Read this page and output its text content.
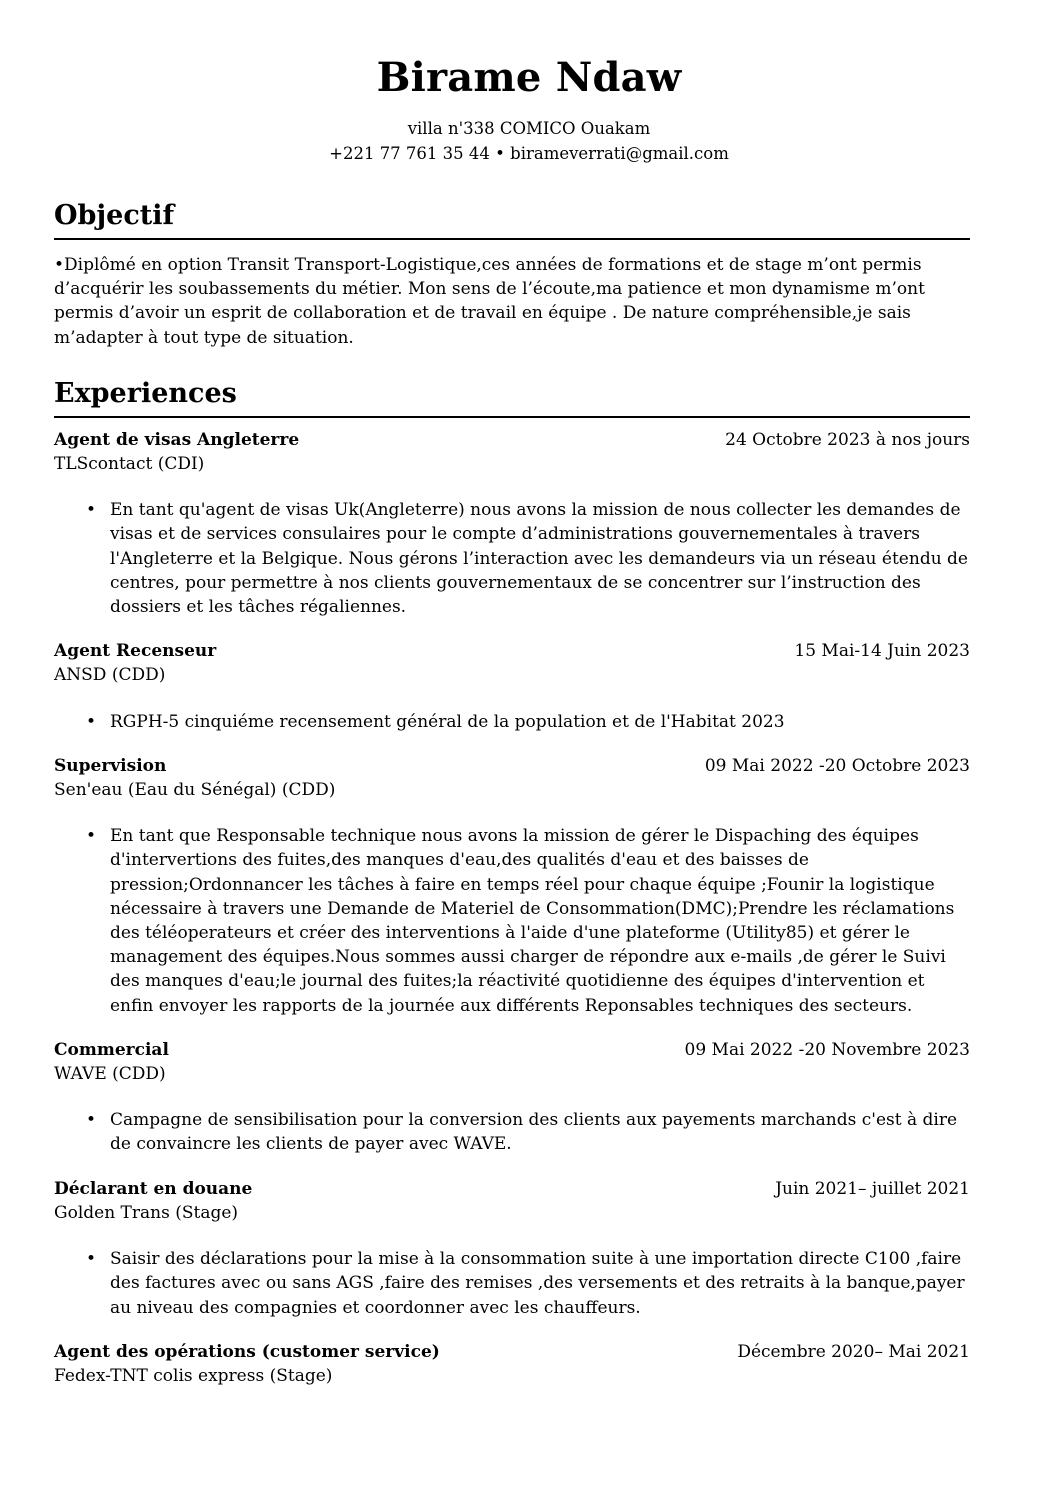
Birame Ndaw

villa n'338 COMICO Ouakam

+221 77 761 35 44 • birameverrati@gmail.com

Objectif

•Diplômé en option Transit Transport-Logistique,ces années de formations et de stage m’ont permis d’acquérir les soubassements du métier. Mon sens de l’écoute,ma patience et mon dynamisme m’ont permis d’avoir un esprit de collaboration et de travail en équipe . De nature compréhensible,je sais m’adapter à tout type de situation.

Experiences
Agent de visas Angleterre	24 Octobre 2023 à nos jours
TLScontact (CDI)
• En tant qu'agent de visas Uk(Angleterre) nous avons la mission de nous collecter les demandes de visas et de services consulaires pour le compte d’administrations gouvernementales à travers l'Angleterre et la Belgique. Nous gérons l’interaction avec les demandeurs via un réseau étendu de centres, pour permettre à nos clients gouvernementaux de se concentrer sur l’instruction des dossiers et les tâches régaliennes.
Agent Recenseur	15 Mai-14 Juin 2023
ANSD (CDD)
• RGPH-5 cinquiéme recensement général de la population et de l'Habitat 2023
Supervision	09 Mai 2022 -20 Octobre 2023
Sen'eau (Eau du Sénégal) (CDD)
• En tant que Responsable technique nous avons la mission de gérer le Dispaching des équipes d'intervertions des fuites,des manques d'eau,des qualités d'eau et des baisses de pression;Ordonnancer les tâches à faire en temps réel pour chaque équipe ;Founir la logistique nécessaire à travers une Demande de Materiel de Consommation(DMC);Prendre les réclamations des téléoperateurs et créer des interventions à l'aide d'une plateforme (Utility85) et gérer le management des équipes.Nous sommes aussi charger de répondre aux e-mails ,de gérer le Suivi des manques d'eau;le journal des fuites;la réactivité quotidienne des équipes d'intervention et enfin envoyer les rapports de la journée aux différents Reponsables techniques des secteurs.
Commercial	09 Mai 2022 -20 Novembre 2023
WAVE (CDD)
• Campagne de sensibilisation pour la conversion des clients aux payements marchands c'est à dire de convaincre les clients de payer avec WAVE.
Déclarant en douane	Juin 2021– juillet 2021
Golden Trans (Stage)
• Saisir des déclarations pour la mise à la consommation suite à une importation directe C100 ,faire des factures avec ou sans AGS ,faire des remises ,des versements et des retraits à la banque,payer au niveau des compagnies et coordonner avec les chauffeurs.
Agent des opérations (customer service)	Décembre 2020– Mai 2021
Fedex-TNT colis express (Stage)
